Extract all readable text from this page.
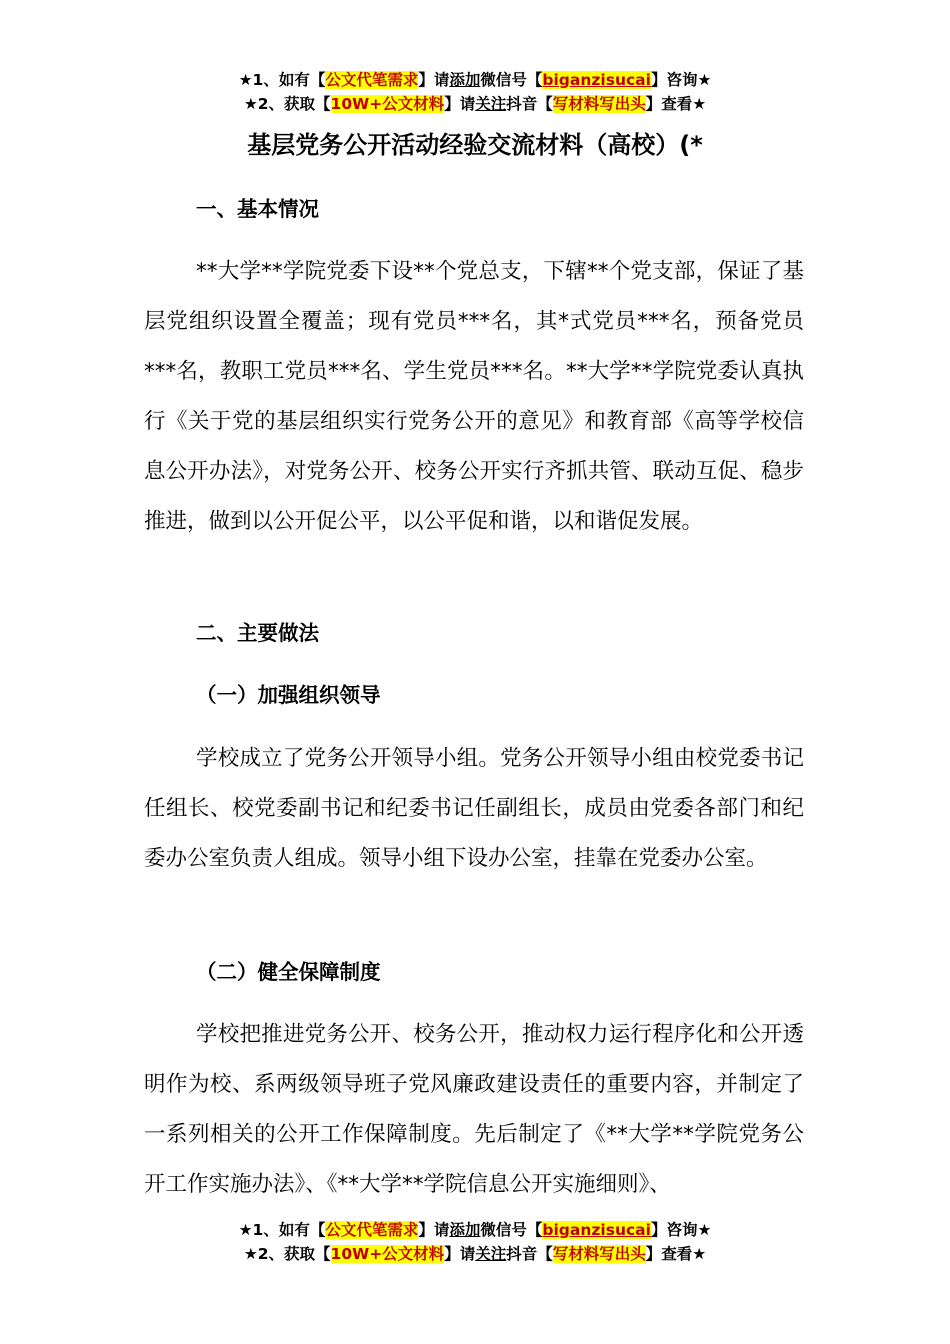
★1、如有【公文代笔需求】请添加微信号【biganzisucai】咨询★
★2、获取【10W+公文材料】请关注抖音【写材料写出头】查看★
基层党务公开活动经验交流材料（高校）(*
一、基本情况
**大学**学院党委下设**个党总支，下辖**个党支部，保证了基层党组织设置全覆盖；现有党员***名，其*式党员***名，预备党员***名，教职工党员***名、学生党员***名。**大学**学院党委认真执行《关于党的基层组织实行党务公开的意见》和教育部《高等学校信息公开办法》，对党务公开、校务公开实行齐抓共管、联动互促、稳步推进，做到以公开促公平，以公平促和谐，以和谐促发展。
二、主要做法
（一）加强组织领导
学校成立了党务公开领导小组。党务公开领导小组由校党委书记任组长、校党委副书记和纪委书记任副组长，成员由党委各部门和纪委办公室负责人组成。领导小组下设办公室，挂靠在党委办公室。
（二）健全保障制度
学校把推进党务公开、校务公开，推动权力运行程序化和公开透明作为校、系两级领导班子党风廉政建设责任的重要内容，并制定了一系列相关的公开工作保障制度。先后制定了《**大学**学院党务公开工作实施办法》、《**大学**学院信息公开实施细则》、
★1、如有【公文代笔需求】请添加微信号【biganzisucai】咨询★
★2、获取【10W+公文材料】请关注抖音【写材料写出头】查看★
